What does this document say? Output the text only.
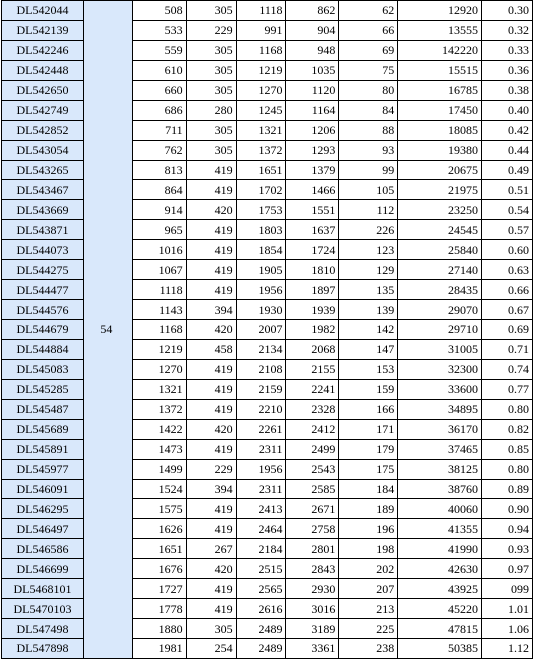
DL542044	54	508	305	1118	862	62	12920	0.30
DL542139		533	229	991	904	66	13555	0.32
DL542246		559	305	1168	948	69	142220	0.33
DL542448		610	305	1219	1035	75	15515	0.36
DL542650		660	305	1270	1120	80	16785	0.38
DL542749		686	280	1245	1164	84	17450	0.40
DL542852		711	305	1321	1206	88	18085	0.42
DL543054		762	305	1372	1293	93	19380	0.44
DL543265		813	419	1651	1379	99	20675	0.49
DL543467		864	419	1702	1466	105	21975	0.51
DL543669		914	420	1753	1551	112	23250	0.54
DL543871		965	419	1803	1637	226	24545	0.57
DL544073		1016	419	1854	1724	123	25840	0.60
DL544275		1067	419	1905	1810	129	27140	0.63
DL544477		1118	419	1956	1897	135	28435	0.66
DL544576		1143	394	1930	1939	139	29070	0.67
DL544679		1168	420	2007	1982	142	29710	0.69
DL544884		1219	458	2134	2068	147	31005	0.71
DL545083		1270	419	2108	2155	153	32300	0.74
DL545285		1321	419	2159	2241	159	33600	0.77
DL545487		1372	419	2210	2328	166	34895	0.80
DL545689		1422	420	2261	2412	171	36170	0.82
DL545891		1473	419	2311	2499	179	37465	0.85
DL545977		1499	229	1956	2543	175	38125	0.80
DL546091		1524	394	2311	2585	184	38760	0.89
DL546295		1575	419	2413	2671	189	40060	0.90
DL546497		1626	419	2464	2758	196	41355	0.94
DL546586		1651	267	2184	2801	198	41990	0.93
DL546699		1676	420	2515	2843	202	42630	0.97
DL5468101		1727	419	2565	2930	207	43925	099
DL5470103		1778	419	2616	3016	213	45220	1.01
DL547498		1880	305	2489	3189	225	47815	1.06
DL547898		1981	254	2489	3361	238	50385	1.12
